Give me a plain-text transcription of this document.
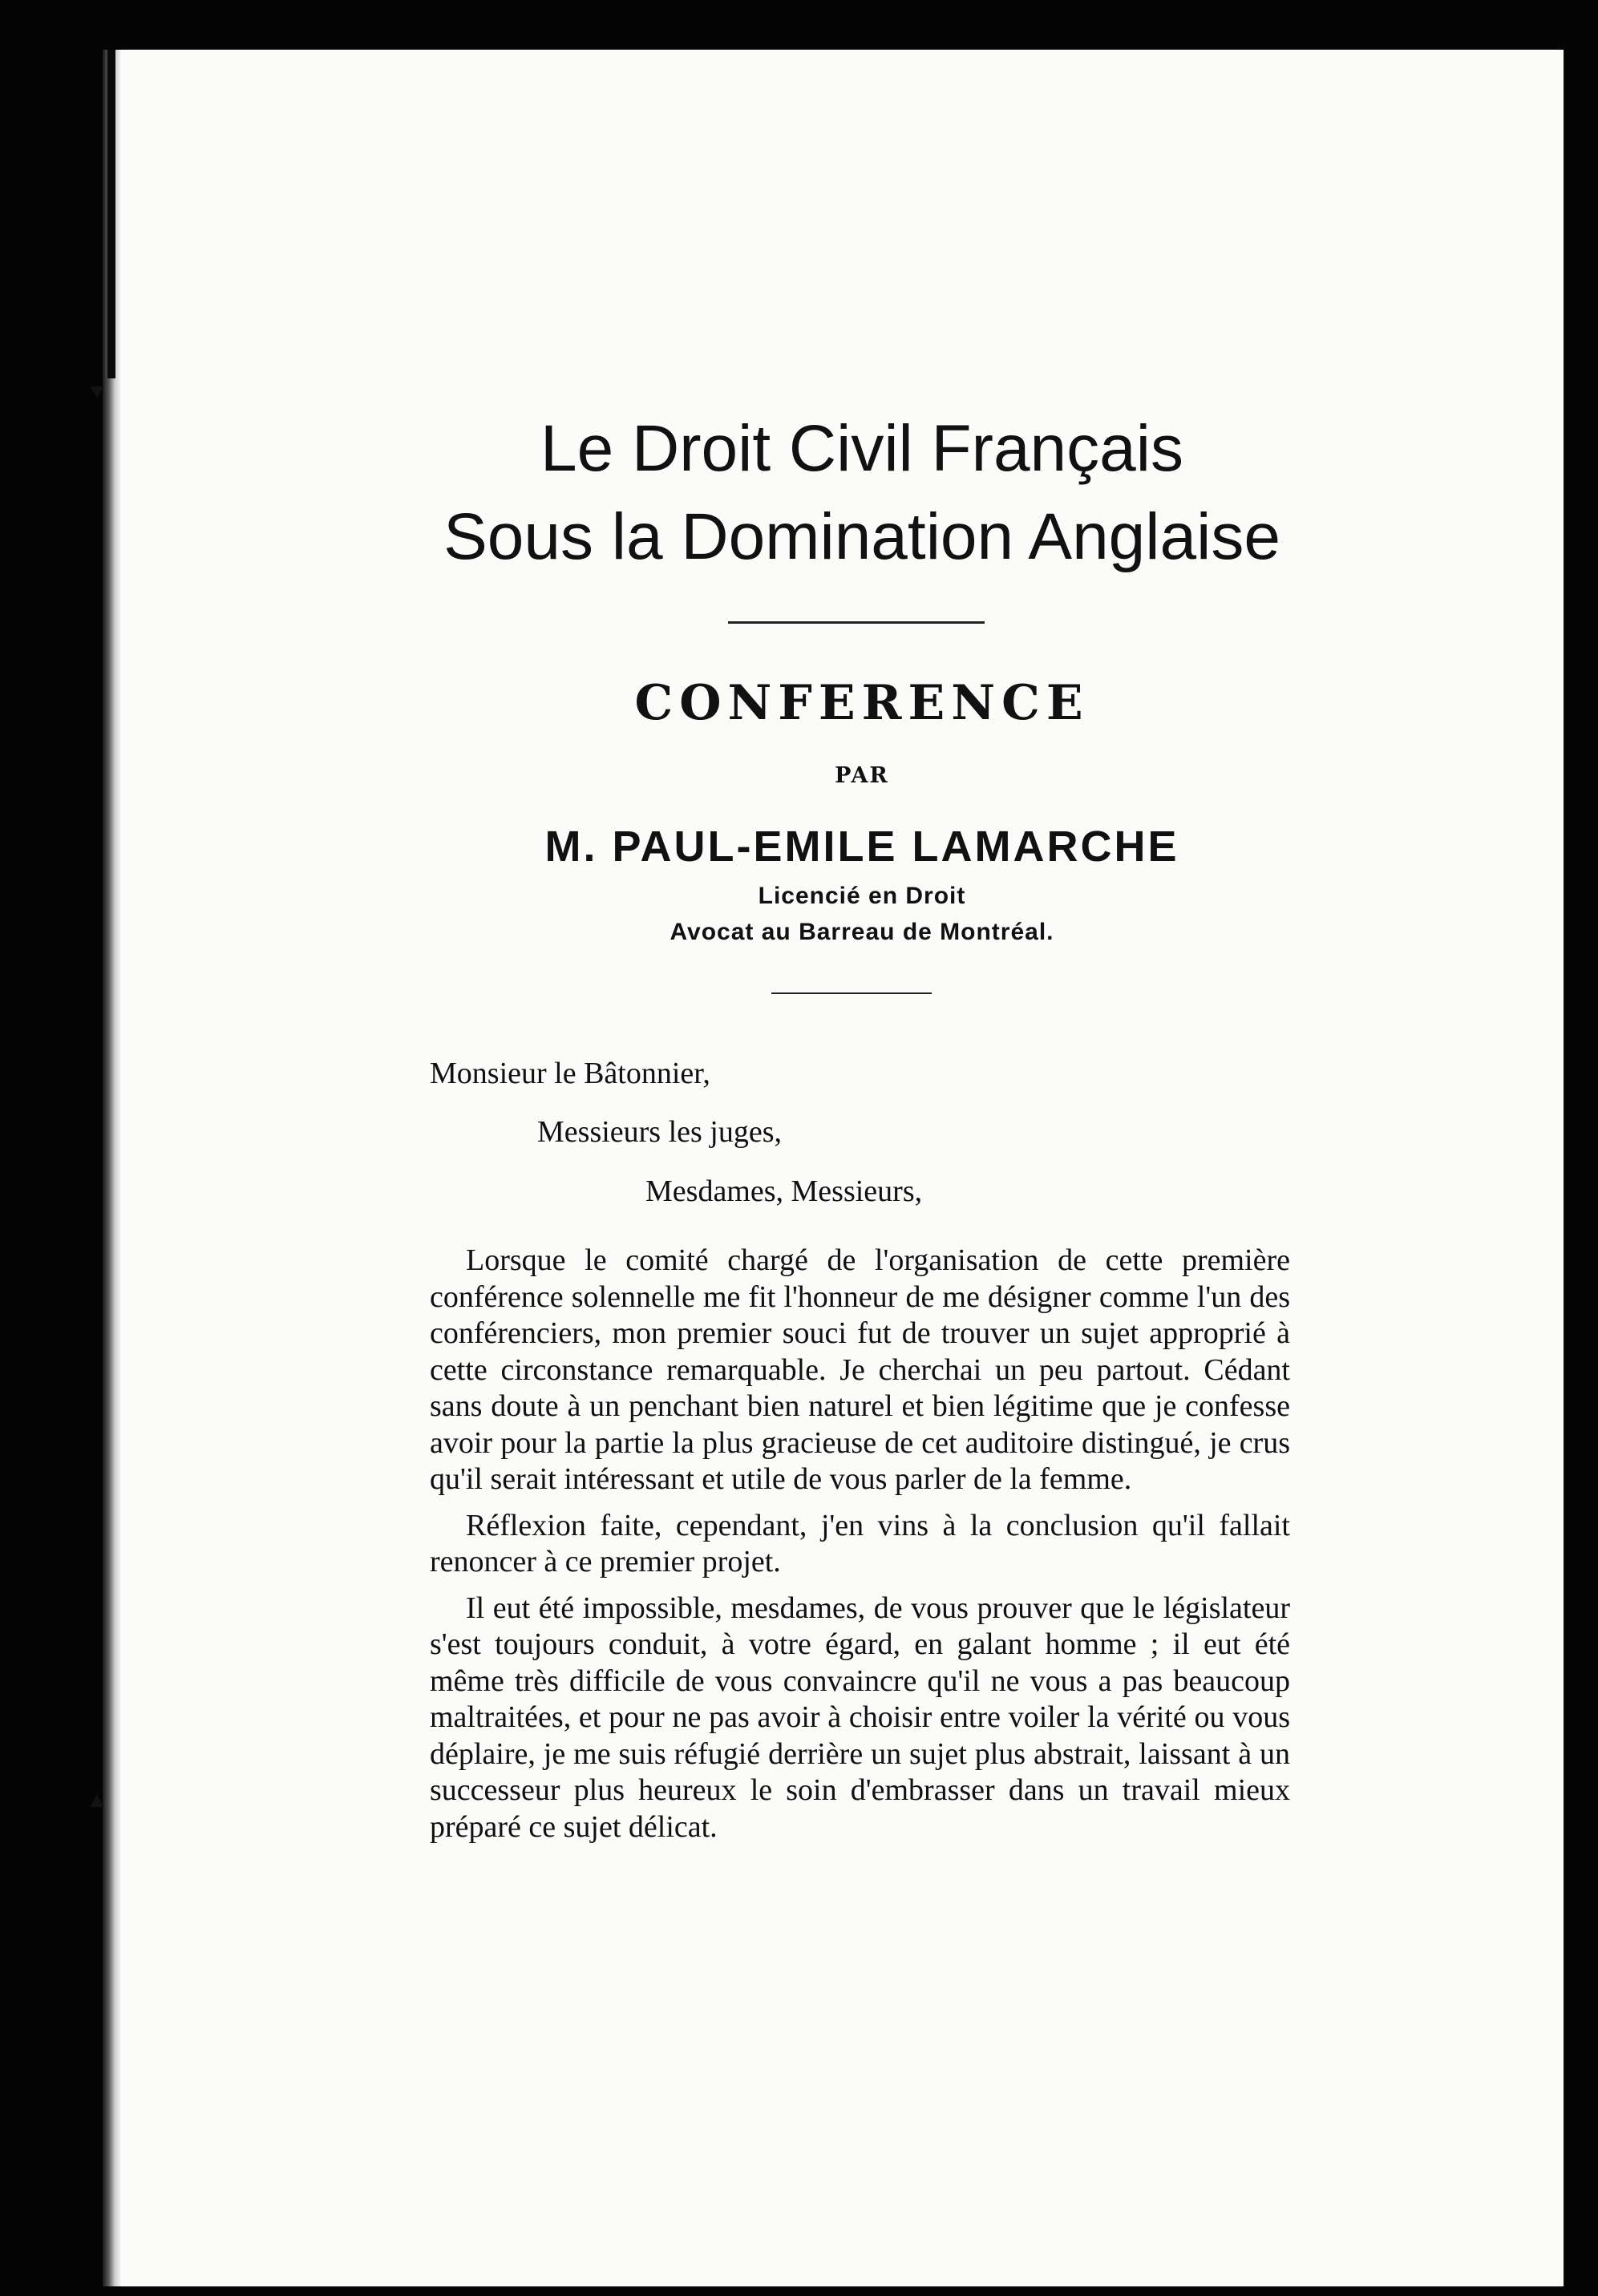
Le Droit Civil Français
Sous la Domination Anglaise
CONFERENCE
PAR
M. PAUL-EMILE LAMARCHE
Licencié en Droit
Avocat au Barreau de Montréal.
Monsieur le Bâtonnier,
Messieurs les juges,
Mesdames, Messieurs,

Lorsque le comité chargé de l'organisation de cette première conférence solennelle me fit l'honneur de me désigner comme l'un des conférenciers, mon premier souci fut de trouver un sujet approprié à cette circonstance remarquable. Je cherchai un peu partout. Cédant sans doute à un penchant bien naturel et bien légitime que je confesse avoir pour la partie la plus gracieuse de cet auditoire distingué, je crus qu'il serait intéressant et utile de vous parler de la femme.

Réflexion faite, cependant, j'en vins à la conclusion qu'il fallait renoncer à ce premier projet.

Il eut été impossible, mesdames, de vous prouver que le législateur s'est toujours conduit, à votre égard, en galant homme ; il eut été même très difficile de vous convaincre qu'il ne vous a pas beaucoup maltraitées, et pour ne pas avoir à choisir entre voiler la vérité ou vous déplaire, je me suis réfugié derrière un sujet plus abstrait, laissant à un successeur plus heureux le soin d'embrasser dans un travail mieux préparé ce sujet délicat.
